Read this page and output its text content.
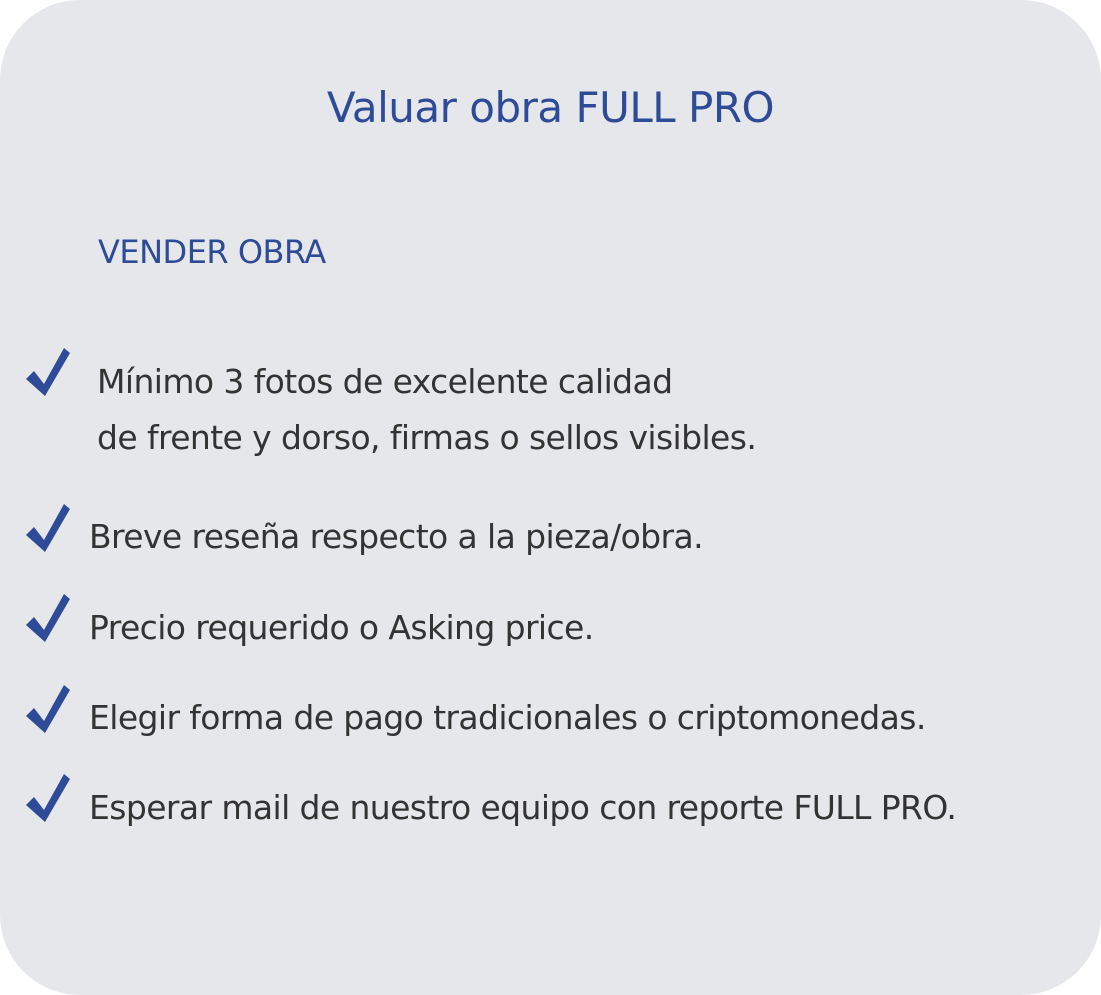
Valuar obra FULL PRO
VENDER OBRA
Mínimo 3 fotos de excelente calidad
de frente y dorso, firmas o sellos visibles.
Breve reseña respecto a la pieza/obra.
Precio requerido o Asking price.
Elegir forma de pago tradicionales o criptomonedas.
Esperar mail de nuestro equipo con reporte FULL PRO.
